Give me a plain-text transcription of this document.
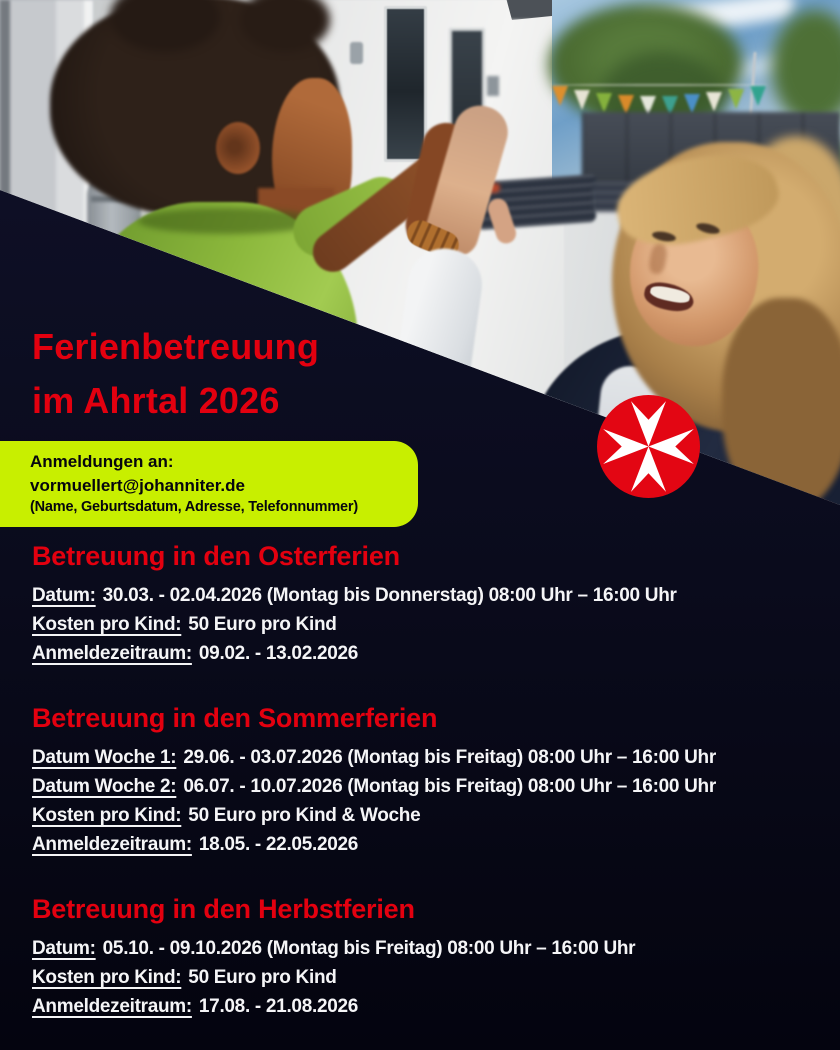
Ferienbetreuung
im Ahrtal 2026
Anmeldungen an:
vormuellert@johanniter.de
(Name, Geburtsdatum, Adresse, Telefonnummer)
Betreuung in den Osterferien
Datum: 30.03. - 02.04.2026 (Montag bis Donnerstag) 08:00 Uhr – 16:00 Uhr
Kosten pro Kind: 50 Euro pro Kind
Anmeldezeitraum: 09.02. - 13.02.2026
Betreuung in den Sommerferien
Datum Woche 1: 29.06. - 03.07.2026 (Montag bis Freitag) 08:00 Uhr – 16:00 Uhr
Datum Woche 2: 06.07. - 10.07.2026 (Montag bis Freitag) 08:00 Uhr – 16:00 Uhr
Kosten pro Kind: 50 Euro pro Kind & Woche
Anmeldezeitraum: 18.05. - 22.05.2026
Betreuung in den Herbstferien
Datum: 05.10. - 09.10.2026 (Montag bis Freitag) 08:00 Uhr – 16:00 Uhr
Kosten pro Kind: 50 Euro pro Kind
Anmeldezeitraum: 17.08. - 21.08.2026
